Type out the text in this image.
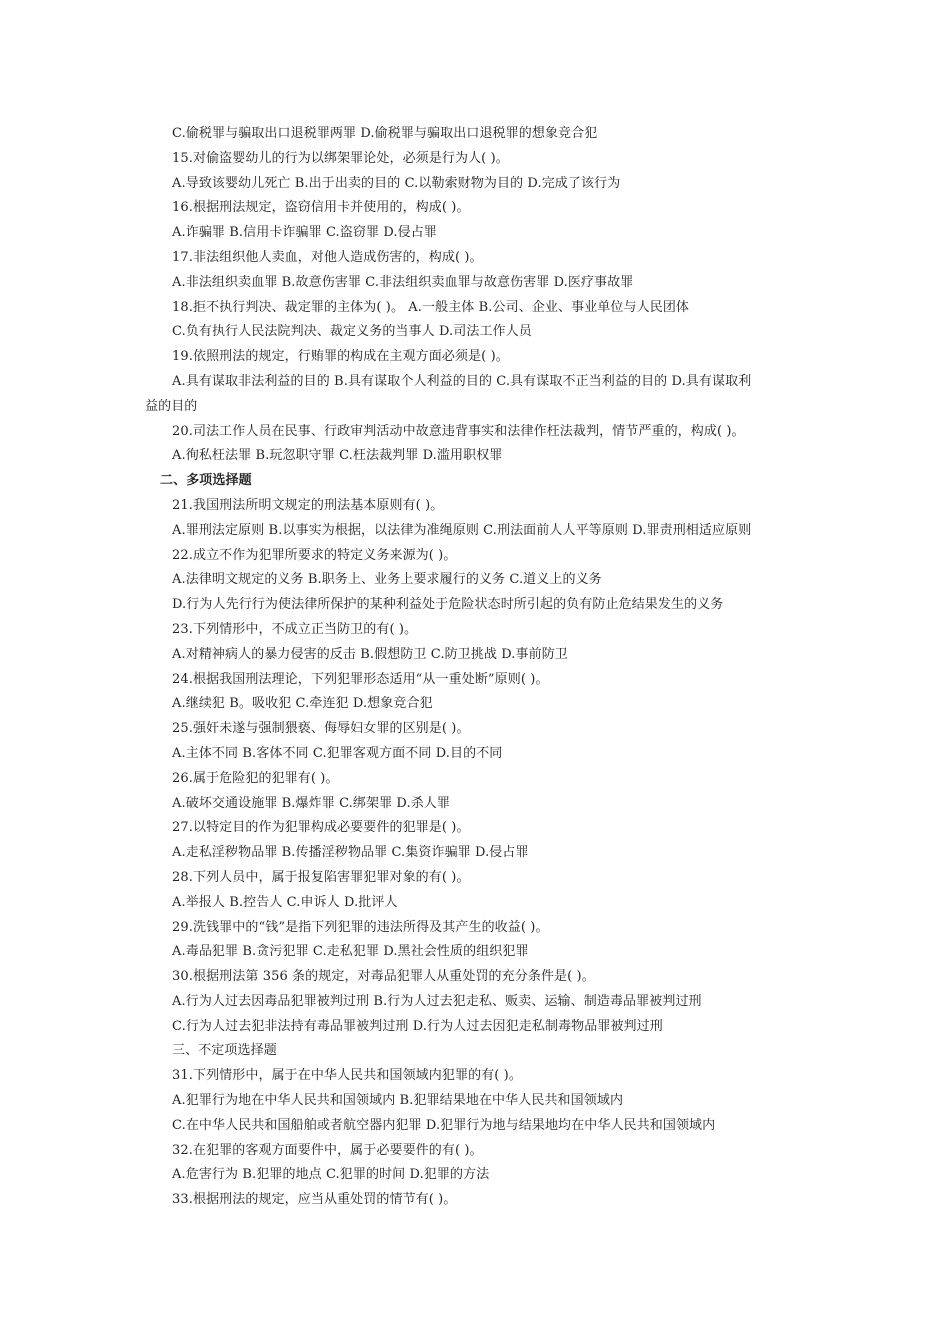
C.偷税罪与骗取出口退税罪两罪 D.偷税罪与骗取出口退税罪的想象竞合犯
15.对偷盗婴幼儿的行为以绑架罪论处，必须是行为人( )。
A.导致该婴幼儿死亡 B.出于出卖的目的 C.以勒索财物为目的 D.完成了该行为
16.根据刑法规定，盗窃信用卡并使用的，构成( )。
A.诈骗罪 B.信用卡诈骗罪 C.盗窃罪 D.侵占罪
17.非法组织他人卖血，对他人造成伤害的，构成( )。
A.非法组织卖血罪 B.故意伤害罪 C.非法组织卖血罪与故意伤害罪 D.医疗事故罪
18.拒不执行判决、裁定罪的主体为( )。 A.一般主体 B.公司、企业、事业单位与人民团体
C.负有执行人民法院判决、裁定义务的当事人 D.司法工作人员
19.依照刑法的规定，行贿罪的构成在主观方面必须是( )。
A.具有谋取非法利益的目的 B.具有谋取个人利益的目的 C.具有谋取不正当利益的目的 D.具有谋取利
益的目的
20.司法工作人员在民事、行政审判活动中故意违背事实和法律作枉法裁判，情节严重的，构成( )。
A.徇私枉法罪 B.玩忽职守罪 C.枉法裁判罪 D.滥用职权罪
二、多项选择题
21.我国刑法所明文规定的刑法基本原则有( )。
A.罪刑法定原则 B.以事实为根据，以法律为准绳原则 C.刑法面前人人平等原则 D.罪责刑相适应原则
22.成立不作为犯罪所要求的特定义务来源为( )。
A.法律明文规定的义务 B.职务上、业务上要求履行的义务 C.道义上的义务
D.行为人先行行为使法律所保护的某种利益处于危险状态时所引起的负有防止危结果发生的义务
23.下列情形中，不成立正当防卫的有( )。
A.对精神病人的暴力侵害的反击 B.假想防卫 C.防卫挑战 D.事前防卫
24.根据我国刑法理论，下列犯罪形态适用“从一重处断”原则( )。
A.继续犯 B。吸收犯 C.牵连犯 D.想象竞合犯
25.强奸未遂与强制猥亵、侮辱妇女罪的区别是( )。
A.主体不同 B.客体不同 C.犯罪客观方面不同 D.目的不同
26.属于危险犯的犯罪有( )。
A.破坏交通设施罪 B.爆炸罪 C.绑架罪 D.杀人罪
27.以特定目的作为犯罪构成必要要件的犯罪是( )。
A.走私淫秽物品罪 B.传播淫秽物品罪 C.集资诈骗罪 D.侵占罪
28.下列人员中，属于报复陷害罪犯罪对象的有( )。
A.举报人 B.控告人 C.申诉人 D.批评人
29.洗钱罪中的“钱”是指下列犯罪的违法所得及其产生的收益( )。
A.毒品犯罪 B.贪污犯罪 C.走私犯罪 D.黑社会性质的组织犯罪
30.根据刑法第 356 条的规定，对毒品犯罪人从重处罚的充分条件是( )。
A.行为人过去因毒品犯罪被判过刑 B.行为人过去犯走私、贩卖、运输、制造毒品罪被判过刑
C.行为人过去犯非法持有毒品罪被判过刑 D.行为人过去因犯走私制毒物品罪被判过刑
三、不定项选择题
31.下列情形中，属于在中华人民共和国领域内犯罪的有( )。
A.犯罪行为地在中华人民共和国领域内 B.犯罪结果地在中华人民共和国领域内
C.在中华人民共和国船舶或者航空器内犯罪 D.犯罪行为地与结果地均在中华人民共和国领域内
32.在犯罪的客观方面要件中，属于必要要件的有( )。
A.危害行为 B.犯罪的地点 C.犯罪的时间 D.犯罪的方法
33.根据刑法的规定，应当从重处罚的情节有( )。
